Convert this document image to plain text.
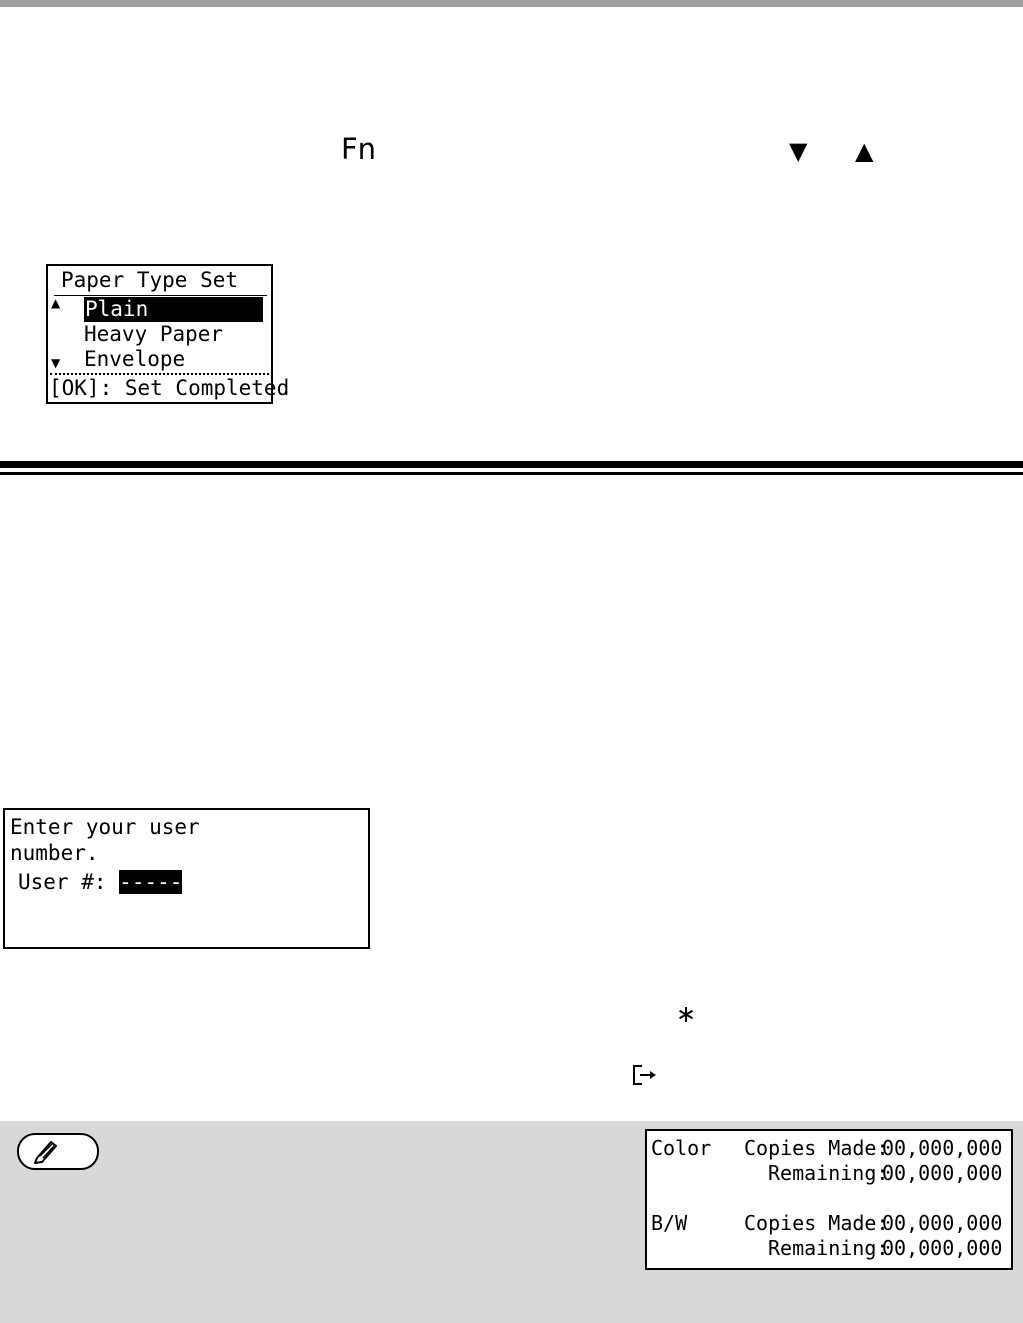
Fn	▼ ▲
Paper Type Set
▲ Plain
Heavy Paper
▼ Envelope
[OK]: Set Completed
Enter your user
number.
User #: -----
∗
Color Copies Made:
00,000,000
Remaining:
00,000,000
B/W	Copies Made:
00,000,000
Remaining:
00,000,000
